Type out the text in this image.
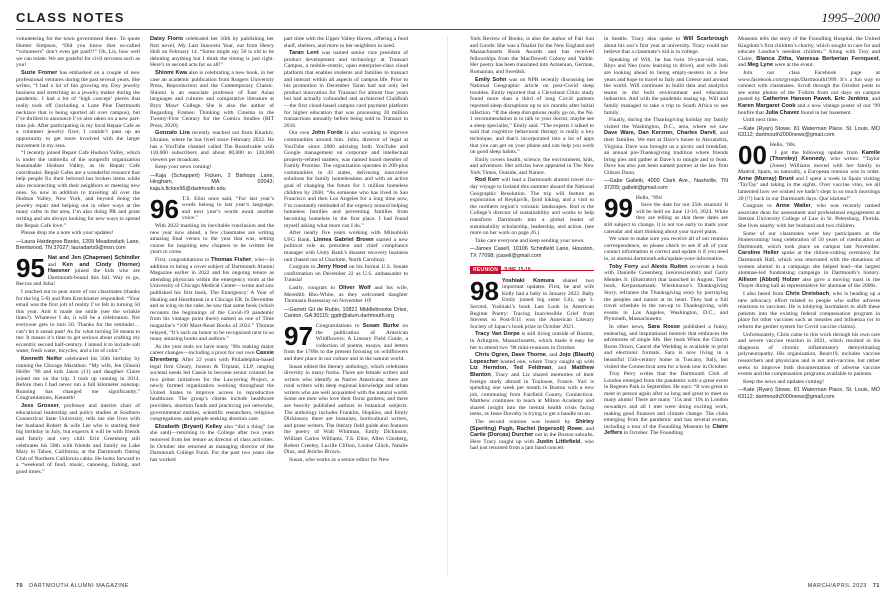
CLASS NOTES	1995–2000

volunteering for the town government there. To quote Homer Simpson, “Did you know that so-called “volunteers” don’t even get paid?!” Oh, Lis, how well we can relate. We are grateful for civil servants such as you!

Suzie Fromer has embarked on a couple of new professional ventures during the past several years. She writes, “I had a lot of fun growing my Etsy jewelry business and stretching as a jewelry maker during the pandemic. I had a lot of ‘high concept’ pieces that really took off (including a Lone Pine Dartmouth necklace that is being sported all over campus), but I’ve thrilled to announce I’ve also taken on a new part-time job. After participating in my local Repair Cafe as a volunteer jewelry fixer, I couldn’t pass up an opportunity to get more involved with the larger movement in my area.

“I recently joined Repair Cafe Hudson Valley, which is under the umbrella of the nonprofit organization Sustainable Hudson Valley, as its Repair Cafe coordinator. Repair Cafes are a wonderful resource that help people fix their beloved but broken items while also reconnecting with their neighbors or meeting new ones. So now in addition to traveling all over the Hudson Valley, New York, and beyond doing the jewelry repair and helping out in other ways at the many cafes in the area, I’m also doing PR and grant writing and am always looking for new ways to spread the Repair Cafe love.”

Please drop me a note with your updates!

—Laura Hardegree Banks, 1209 Meadowlark Lane, Brentwood, TN 37027; lauradarts9@msn.com

95 Nat and Jen (Chapman) Schindler and Ken and Cindy (Horner) Haesner joined the kids who are Dartmouth-bound this fall. Way to go, Beccas and Julia!

I reached out to pear more of our classmates (thanks for the big 5-0) and Pam Kreckmeier responded: “Your email was the first jolt of reality I’ve felt in turning 50 this year. And it made me smile (see the wrinkle lines?). Whatever I do, it will be a celebration. Not everyone gets to turn 50. Thanks for the reminder…can’t let it sneak past! As for what turning 50 means to me: It means it’s time to get serious about crafting my eccentric second half-century. I intend it to include salt water, fresh water, bicycles, and a lot of color.”

Kenneth Neifer celebrated his 50th birthday by running the Chicago Marathon. “My wife, Jen (Sinon) Heifer ’96 and kids Jason (11) and daughter Claire joined me on the trip. I took up running in 2014. Before then I had never run a full kilometer nonstop. Running has changed me significantly.” Congratulations, Kenneth!

Jess Grosser, professor and interim chair of educational leadership and policy studies at Southern Connecticut State University, tells me she lives with her husband Robert & wife Lee who is starting their big birthday in July, but expects it will be with friends and family and very chill. Erin Greenberg still celebrates his 50th with friends and family on Lake Mary in Tahoe, California, at the Dartmouth Outing Club of Northern California cabin. He looks forward to a “weekend of food, music, canoeing, fishing, and good times.”

Daisy Florio celebrated her 50th by publishing her first novel, My Last Innocent Year, out from Henry Holt on February 14. “Some might say 50 is old to be debuting anything but I think the timing is just right. Here’s to second acts for us all!”

Shlomi Kwa also is celebrating a new book, in her case an academic publication from Rutgers University Press, Reproduction and the Contemporary Classic. Shlomi is an associate professor of East Asian languages and cultures and comparative literature at Bryn Mawr College. She is also the author of Regarding Frames: Thinking with Cinema in the Twenty-First Century for the Comics Studies (RIT Press, 2020).

Gonzalo Lira recently reached out from Kharkiv, Ukraine, where he has lived since February 2022. He has a YouTube channel called The Rosodvable with 110,000 subscribers and about 80,000 to 120,000 viewers per broadcast.

Keep your news coming!

—Kaja (Schappert) Ficken, 2 Bishops Lane, Hingham, MA 02043; kaja.k.fickes96@dartmouth.edu

96 T.S. Eliot once said, “For last year’s words belong to last year’s language, and next year’s words await another voice.”

With 2022 marking its inevitable conclusion and the new year now ahead, a few classmates are writing amazing final verses to the year that was, setting course for inspiring new chapters to be written for years to come.

First, congratulations to Thomas Fisher, who—in addition to being a cover subject of Dartmouth Alumni Magazine earlier in 2022 and his ongoing tenure as attending physician within the emergency room at the University of Chicago Medical Center—wrote and saw published his first book, The Emergency: A Year of Healing and Heartbreak in a Chicago ER. In December and as icing on the cake, he saw that same book (which recounts the beginnings of the Covid-19 pandemic from his vantage point there) named as one of Time magazine’s “100 Must-Read Books of 2022.” Thomas relayed, “It’s such an honor to be recognized next to so many amazing books and authors.”

As the year ends we have many ’96s making major career changes—including a pivot for our own Cassie Ehrenberg. After 22 years with Philadelphia-based legal firm Cleary, Jonson & Tripiani, LLP, ranging societal needs led Cassie to become senior counsel for two prime initiatives for the Lawyering Project, a newly formed organization working throughout the United States to improve access to reproductive healthcare. The group’s clients include healthcare providers, abortion funds and practicing pot networks, governmental entities, scientific researchers, religious congregations, and people seeking abortion care.

Elizabeth (Bryant) Kelley also “did a thing” (as she said)—returning to the College after two years removed from her tenure as director of class activities. In October she returned as managing director of the Dartmouth College Fund. For the past two years she has worked

part time with the Upper Valley Haven, offering a food shelf, shelters, and more to her neighbors in need.

Taran Lent was named senior vice president of product development and technology at Transact Campus, a mobile-centric, open enterprise-class cloud platform that enables students and families to transact and interact within all aspects of campus life. Prior to his promotion in December Taran had not only led product innovation for Transact for almost four years but had actually cofounded and architected ClubBrah—the first cloud-based campus card payment platform for higher education that was processing 20 million transactions annually before being sold to Transact in 2016.

Our own John Forde is also working to improve communities around him. John, director of legal at YouTube since 2006 advising both YouTube and Google management on corporate and intellectual property-related matters, was named board member of Family Promise. The organization operates in 200-plus communities in 43 states, delivering innovative solutions for family homelessness and with an active goal of changing the future for 1 million homeless children by 2030. “As someone who has lived in San Francisco and then Los Angeles for a long time now, I’m constantly reminded of the urgency around helping homeless families and preventing families from becoming homeless in the first place. I had found myself asking what more can I do.”

After nearly five years working with Mitsubishi UFG Bank, Linnea Gabriel Brown started a new political role as president and chief compliance manager with Unity Bank’s disaster recovery business unit (based out of Charlotte, North Carolina).

Congrats to Jerry Hood on his formal U.S. Senate confirmation on December 22 as U.S. ambassador to Tunisia!

Lastly, congrats to Oliver Wolf and his wife, Meredith Rho-White, as they welcomed daughter Thomasin Rosesaray on November 10!

—Garrett Gil de Rubio, 10821 Middlebrooke Drive, Canton, GA 30115; ggdr@alum.dartmouth.org

97 Congratulations to Susan Burke on the publication of American Wildflowers: A Literary Field Guide, a collection of poems, essays, and letters from the 1700s to the present focusing on wildflowers and their place in our culture and in the natural world.

Susan edited the literary anthology, which celebrates diversity in many forms. There are female writers and writers who identify as Native Americans; there are rural writers with deep regional knowledge and urban writers who are well acquainted with the natural world. Some are men who love their floral gardens; and there are heavily published authors in botanical subjects. The anthology includes Franklin, Hopkins, and Emily Dickinson; there are botanists, horticultural writers, and prose writers. The literary field guide also features the poetry of Walt Whitman, Emily Dickinson, William Carlos Williams, T.S. Eliot, Allen Ginsberg, Robert Creeley, Lucille Clifton, Louise Glück, Natalie Diaz, and Jericho Brown.

Susan, who works as a senior editor for New

York Review of Books, is also the author of Fair Sun and Goods: She was a finalist for the New England and Massachusetts Book Awards and has received fellowships from the MacDowell Colony and Yaddo. Her poetry has been translated into Armenian, German, Romanian, and Swedish.

Emily Sohn was on NPR recently discussing her National Geographic article on post-Covid sleep troubles. Emily reported that a Cleveland Clinic study found more than a third of long Covid patients reported sleep disruptions up to six months after initial infection. “If the sleep disruptions really go on, the No. 1 recommendation is to talk to your doctor, maybe see a sleep specialist,” Emily said. “The experts I talked to said that cognitive behavioral therapy is really a key technique, and that’s incorporated into a lot of apps that you can get on your phone and can help you work on good sleep habits.”

Emily covers health, science, the environment, kids, and adventure. Her articles have appeared in The New York Times, Outside, and Nature.

Rod Kerr will lead a Dartmouth alumni travel six-day voyage to Iceland this summer aboard the National Geographic Resolution. The trip will feature an exploration of Reykjavík, fjord hiking, and a visit to the northern region’s volcanic landscapes. Rod is the College’s director of sustainability and works to help transform Dartmouth into a global leader of sustainability scholarship, leadership, and action. (see more on her work on page 26.)

Take care everyone and keep sending your news.

—James Casell, 10106 Schinfield Lane, Houston, TX 77098; jcasell@gmail.com

REUNION JUNE 15-18
98 Yoshiaki Komura shared two important updates. First, he and wife Kelly had a baby in January 2022. Baby Emily joined big sister Lily, age 3. Second, Yoshiaki’s book Last Look in American Regime Poetry: Tracing Inaccessible Grief from Stevens to Post-9/11 won the American Literary Society of Japan’s book prize in October 2021.

Tracy Van Dorpe is still living outside of Boston, in Arlington, Massachusetts, which made it easy for her to attend two ’98 mini-reunions in October.

Chris Ogren, Dave Thorne, and Jojo (Blauth) Lopescher hosted one, where Tracy caught up with Liz Herndon, Ted Feldman, and Matthew Blanton. Tracy and Liz shared memories of their foreign study abroad in Toulouse, France. Yuri is spending one week per month in Boston with a new job, commuting from Fairfield County, Connecticut. Matthew continues to teach at Milton Academy and shared insight into the mental health crisis facing teens, as Jesse Dorothy is trying to get a handle on on.

The second reunion was hosted by Shirley (Sperling) Pugh, Rachel (Ingersoll) Rowe, and Cartie (Dorcas) Durcher out in the Boston suburbs. Here Tracy caught up with Justin Littlefield, who had just returned from a jam band concert

in Seattle. Tracy also spoke to Will Scarbrough about his son’s first year at university. Tracy could not believe that a classmate’s kid is in college.

Speaking of Will, he has twin 16-year-old sons, Rhys and Neo (now learning to drive), and wife Jodi are looking ahead to being empty-nesters in a few years and hope to travel to Italy and Greece and around the world. Will continues to build data and analytics teams in the built environment and education industries. And with the pandemic easing up, Will and family managed to take a trip to South Africa to see family.

Finally, during the Thanksgiving holiday my family visited the Washington, D.C., area, where we saw Dave Ware, Dan Kerzner, Charles Darvil, and their families. We met at Dave’s house in Alexandria, Virginia. Dave was brought us a picnic and breakfast, an annual pre-Thanksgiving tradition where friends bring pies and gather at Dave’s to mingle and to feast. Dave has also just been named partner at the law firm Gibson Dunn.

—Gabe Galletti, 4000 Clark Ave., Nashville, TN 37209; galletti@gmail.com

99 Hello, ’99s!

Save the date for our 25th reunion! It will be held on June 13-16, 2024. While they are telling us that these dates are still subject to change, it is not too early to mark your calendar and start thinking about your travel plans.

We want to make sure you receive all of our reunion correspondence, so please check to see if all of your contact information is correct and update it if you need to, at alumni.dartmouth.edu/update-your-information.

Toby Ferry and Alexis Ruiten co-wrote a book with Danielle Greenberg (neuroscientist) and Garry Mendes Jr. (illustrator) that launched in August. Their book, Kerpusnamauk: Wieshinawe’s Thanksgiving Story, reframes the Thanksgiving story by portraying the peoples and nature at its heart. They had a full travel schedule in the run-up to Thanksgiving, with events in Los Angeles, Washington, D.C., and Plymouth, Massachusetts.

In other news, Sara Rosse published a funny, endearing, and inspirational memoir that embraces the adventures of single life. Her book When the Church Burns Down, Cancel the Wedding is available in print and electronic formats. Sara is now living in a beautiful 15th-century home in Tuscany, Italy, but visited the Connecticut area for a book tour in October.

Troy Perry writes that the Dartmouth Club of London emerged from the pandemic with a great event in Regents Park in September. He says: “It was great to meet in person again after so long and great to meet so many alums! There are many ’15s and ’19s in London nowadays and all I met were doing exciting work, making good finances and climate change. The clubs emerging from the pandemic and has several events, including a tour of the Foundling Museum by Claire Jeffers in October. The Foundling

Museum tells the story of the Foundling Hospital, the United Kingdom’s first children’s charity, which sought to care for and educate London’s neediest children.” Along with Troy and Claire, Blanca Zitha, Vanessa Berberian Fernquest, and Meg Lyne were at the event.

Join our class Facebook page at www.facebook.com/groups/Dartmouth1999. It’s a fun way to connect with classmates. Scroll through the October posts to see some photos of the T-shirts from our days on campus posted by Catherine Hanson Pawek, Eric Jenkins, and Karen Margaret Cook and a now vintage poster of our ’99 bonfire that Julia Chavez found in her basement.

Until next time.

—Kate (Ryan) Stowe, 81 Waterman Place, St. Louis, MO 63112; dartmouth2000news@gmail.com

00 Hello, ’00s.

I got the following update from Kamile (Thornley) Kennedy, who writes: “Taylor (Jones) Williams moved with her family to Madrid, Spain, so naturally, a European reunion was in order. Anne (Murray) Brunt and I spent a week in Spain visiting ‘TayTay’ and taking in the sights. Over vaccine vino, we all lamented how we wished we hadn’t slept in so much mornings 20 (!!) back in our Dartmouth days. Qué lástima!”

Congrats to Anne Walter, who was recently named associate dean for assessment and professional engagement at Stetson University College of Law in St. Petersburg, Florida. She lives nearby with her husband and two children.

Some of our classmates were key participants at the Homecoming/ long celebration of 50 years of coeducation at Dartmouth, which took place on campus last November. Caroline Heller spoke at the ribbon-cutting ceremony for Dartmouth Hall, which was renovated with the donations of women alumni in a campaign she helped lead—the largest alumnae-led fundraising campaign in Dartmouth’s history. Allison (Abbot) Holzer also gave a moving toast in the Thayer dining hall as representative for alumnae of the 2000s.

I also heard from Chris Dreisbach, who is heading up a new advocacy effort related to people who suffer adverse reactions to vaccines. He is lobbying lawmakers to shift these patients into the existing federal compensation program in place for other vaccines such as measles and influenza (or to reform the gentler system for Covid vaccine claims).

Unfortunately, Chris came to this work through his own rare and severe vaccine reaction in 2021, which resulted in his diagnosis of chronic inflammatory demyelinating polyneuropathy. His organization, React19, includes vaccine researchers and physicians and is not anti-vaccine, but rather seeks to improve both documentation of adverse vaccine events and the compensation programs available to patients.

Keep the news and updates coming!

—Kate (Ryan) Stowe, 81 Waterman Place, St. Louis, MO 63112; dartmouth2000news@gmail.com

70 DARTMOUTH ALUMNI MAGAZINE	MARCH/APRIL 2023 71
